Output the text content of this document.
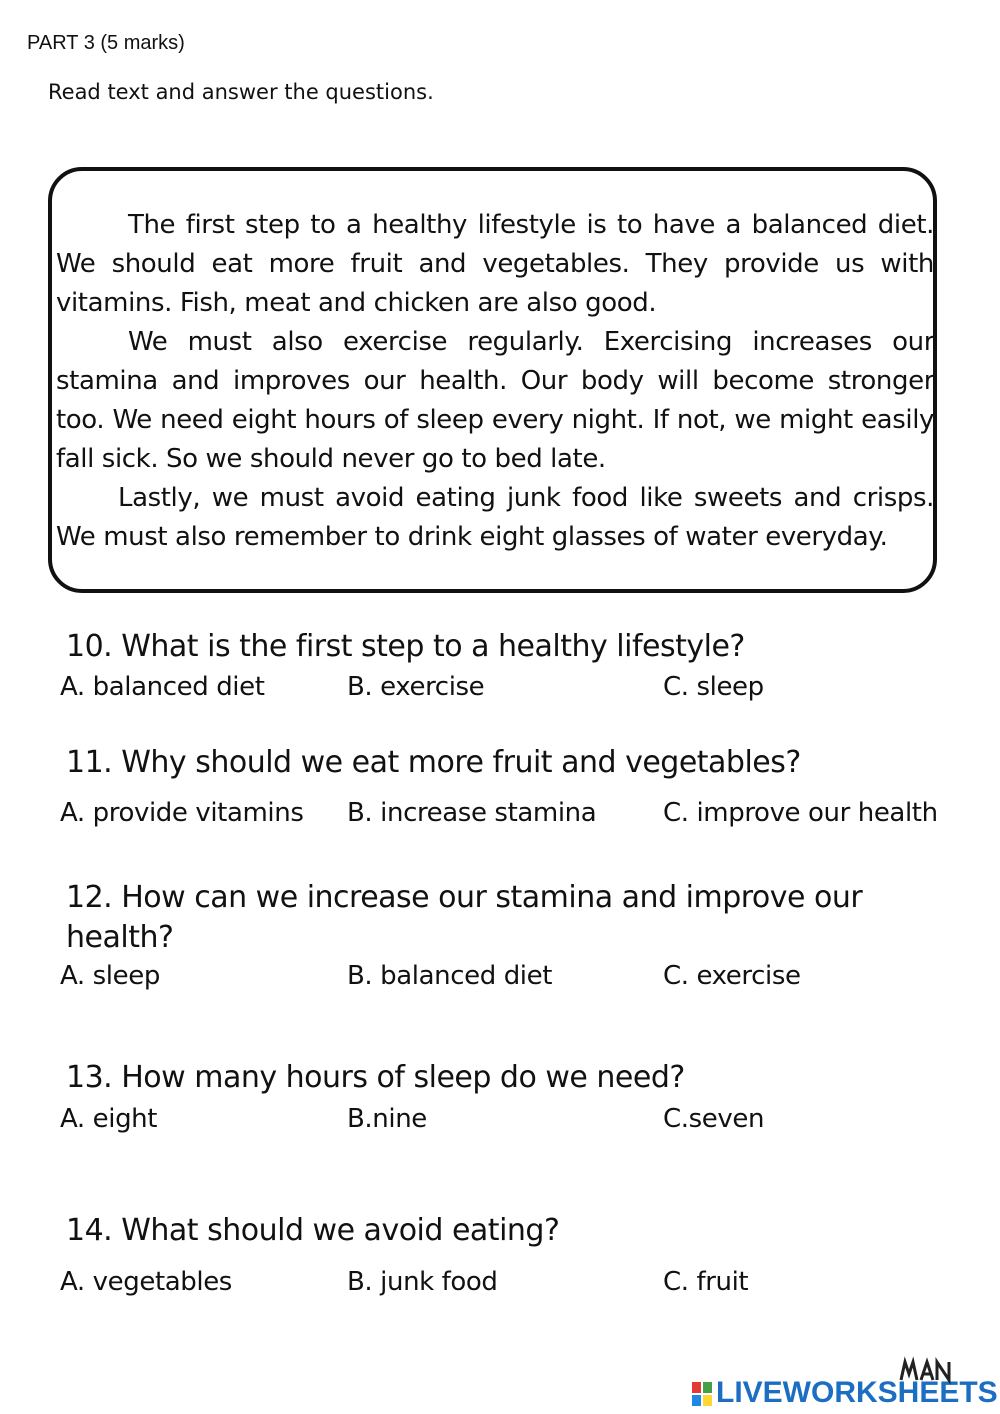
PART 3 (5 marks)
Read text and answer the questions.

The first step to a healthy lifestyle is to have a balanced diet. We should eat more fruit and vegetables. They provide us with vitamins. Fish, meat and chicken are also good.

We must also exercise regularly. Exercising increases our stamina and improves our health. Our body will become stronger too. We need eight hours of sleep every night. If not, we might easily fall sick. So we should never go to bed late.

Lastly, we must avoid eating junk food like sweets and crisps. We must also remember to drink eight glasses of water everyday.

10. What is the first step to a healthy lifestyle?
A. balanced diet	B. exercise	C. sleep
11. Why should we eat more fruit and vegetables?
A. provide vitamins B. increase stamina	C. improve our health
12. How can we increase our stamina and improve our health?
A. sleep	B. balanced diet	C. exercise
13. How many hours of sleep do we need?
A. eight	B.nine	C.seven
14. What should we avoid eating?
A. vegetables	B. junk food	C. fruit
LIVEWORKSHEETS
